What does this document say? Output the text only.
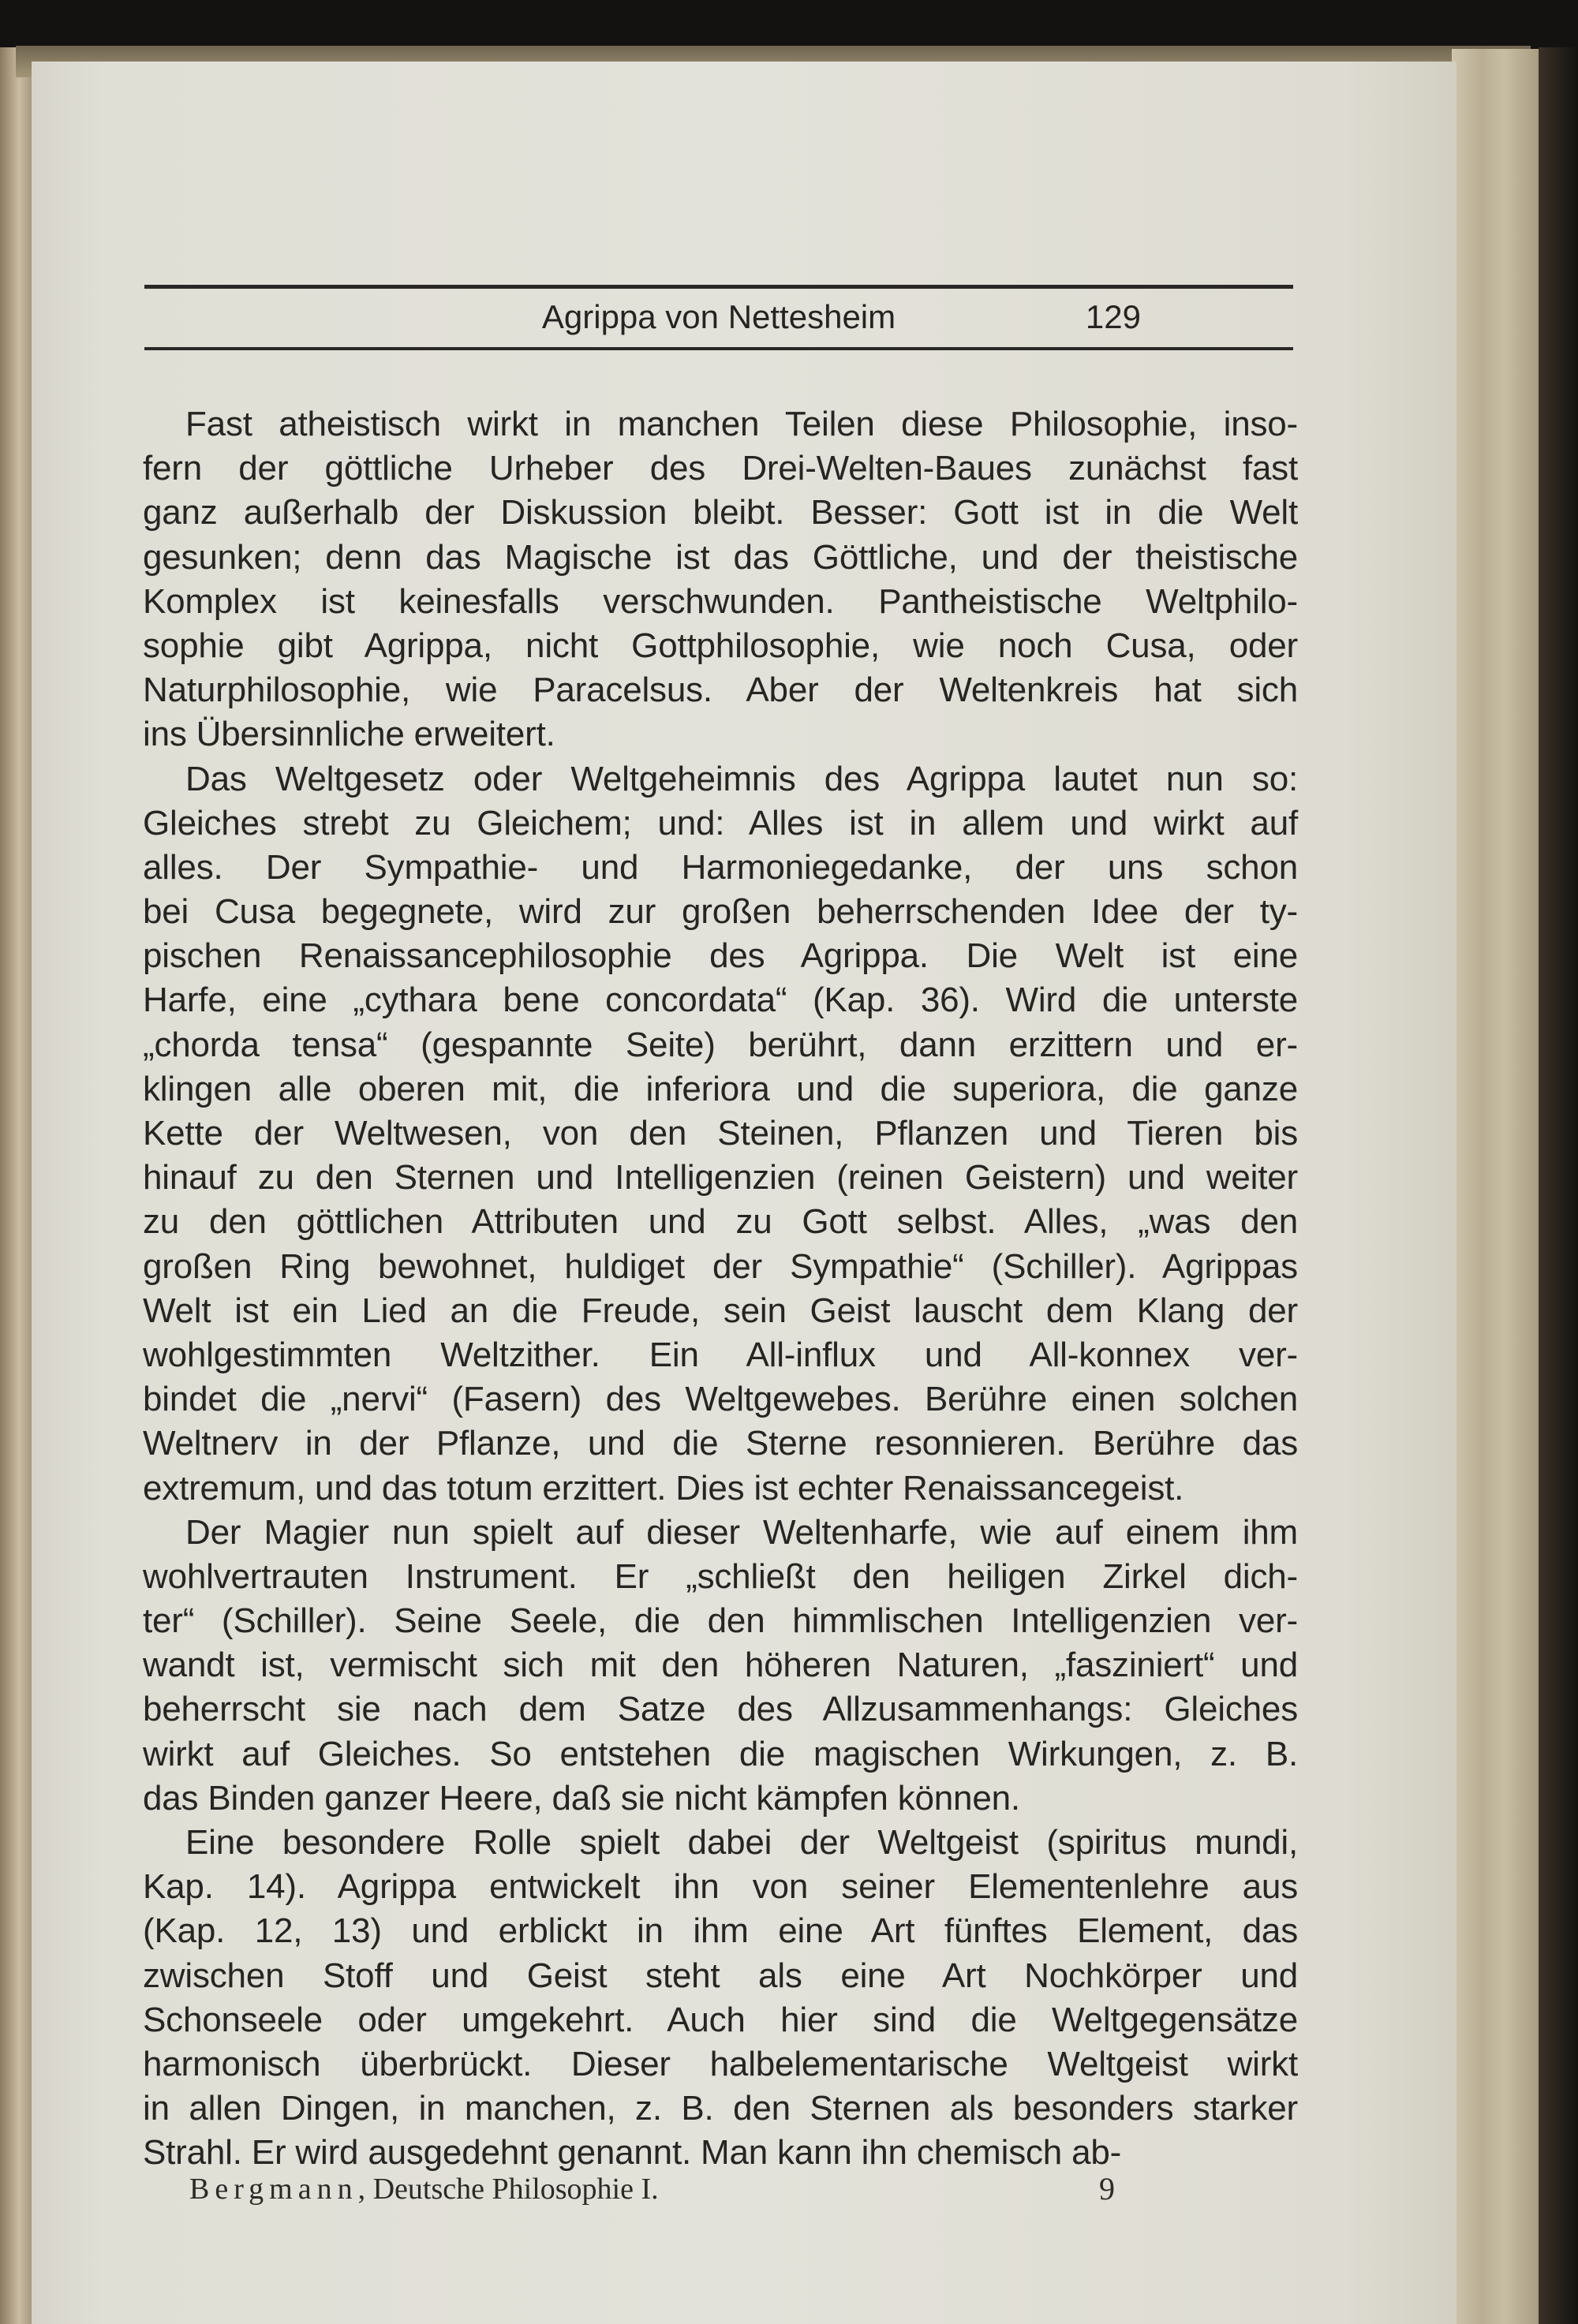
Agrippa von Nettesheim	129
Fast atheistisch wirkt in manchen Teilen diese Philosophie, inso-
fern der göttliche Urheber des Drei-Welten-Baues zunächst fast
ganz außerhalb der Diskussion bleibt. Besser: Gott ist in die Welt
gesunken; denn das Magische ist das Göttliche, und der theistische
Komplex ist keinesfalls verschwunden. Pantheistische Weltphilo-
sophie gibt Agrippa, nicht Gottphilosophie, wie noch Cusa, oder
Naturphilosophie, wie Paracelsus. Aber der Weltenkreis hat sich
ins Übersinnliche erweitert.
Das Weltgesetz oder Weltgeheimnis des Agrippa lautet nun so:
Gleiches strebt zu Gleichem; und: Alles ist in allem und wirkt auf
alles. Der Sympathie- und Harmoniegedanke, der uns schon
bei Cusa begegnete, wird zur großen beherrschenden Idee der ty-
pischen Renaissancephilosophie des Agrippa. Die Welt ist eine
Harfe, eine „cythara bene concordata“ (Kap. 36). Wird die unterste
„chorda tensa“ (gespannte Seite) berührt, dann erzittern und er-
klingen alle oberen mit, die inferiora und die superiora, die ganze
Kette der Weltwesen, von den Steinen, Pflanzen und Tieren bis
hinauf zu den Sternen und Intelligenzien (reinen Geistern) und weiter
zu den göttlichen Attributen und zu Gott selbst. Alles, „was den
großen Ring bewohnet, huldiget der Sympathie“ (Schiller). Agrippas
Welt ist ein Lied an die Freude, sein Geist lauscht dem Klang der
wohlgestimmten Weltzither. Ein All-influx und All-konnex ver-
bindet die „nervi“ (Fasern) des Weltgewebes. Berühre einen solchen
Weltnerv in der Pflanze, und die Sterne resonnieren. Berühre das
extremum, und das totum erzittert. Dies ist echter Renaissancegeist.
Der Magier nun spielt auf dieser Weltenharfe, wie auf einem ihm
wohlvertrauten Instrument. Er „schließt den heiligen Zirkel dich-
ter“ (Schiller). Seine Seele, die den himmlischen Intelligenzien ver-
wandt ist, vermischt sich mit den höheren Naturen, „fasziniert“ und
beherrscht sie nach dem Satze des Allzusammenhangs: Gleiches
wirkt auf Gleiches. So entstehen die magischen Wirkungen, z. B.
das Binden ganzer Heere, daß sie nicht kämpfen können.
Eine besondere Rolle spielt dabei der Weltgeist (spiritus mundi,
Kap. 14). Agrippa entwickelt ihn von seiner Elementenlehre aus
(Kap. 12, 13) und erblickt in ihm eine Art fünftes Element, das
zwischen Stoff und Geist steht als eine Art Nochkörper und
Schonseele oder umgekehrt. Auch hier sind die Weltgegensätze
harmonisch überbrückt. Dieser halbelementarische Weltgeist wirkt
in allen Dingen, in manchen, z. B. den Sternen als besonders starker
Strahl. Er wird ausgedehnt genannt. Man kann ihn chemisch ab-
Bergmann, Deutsche Philosophie I.	9
